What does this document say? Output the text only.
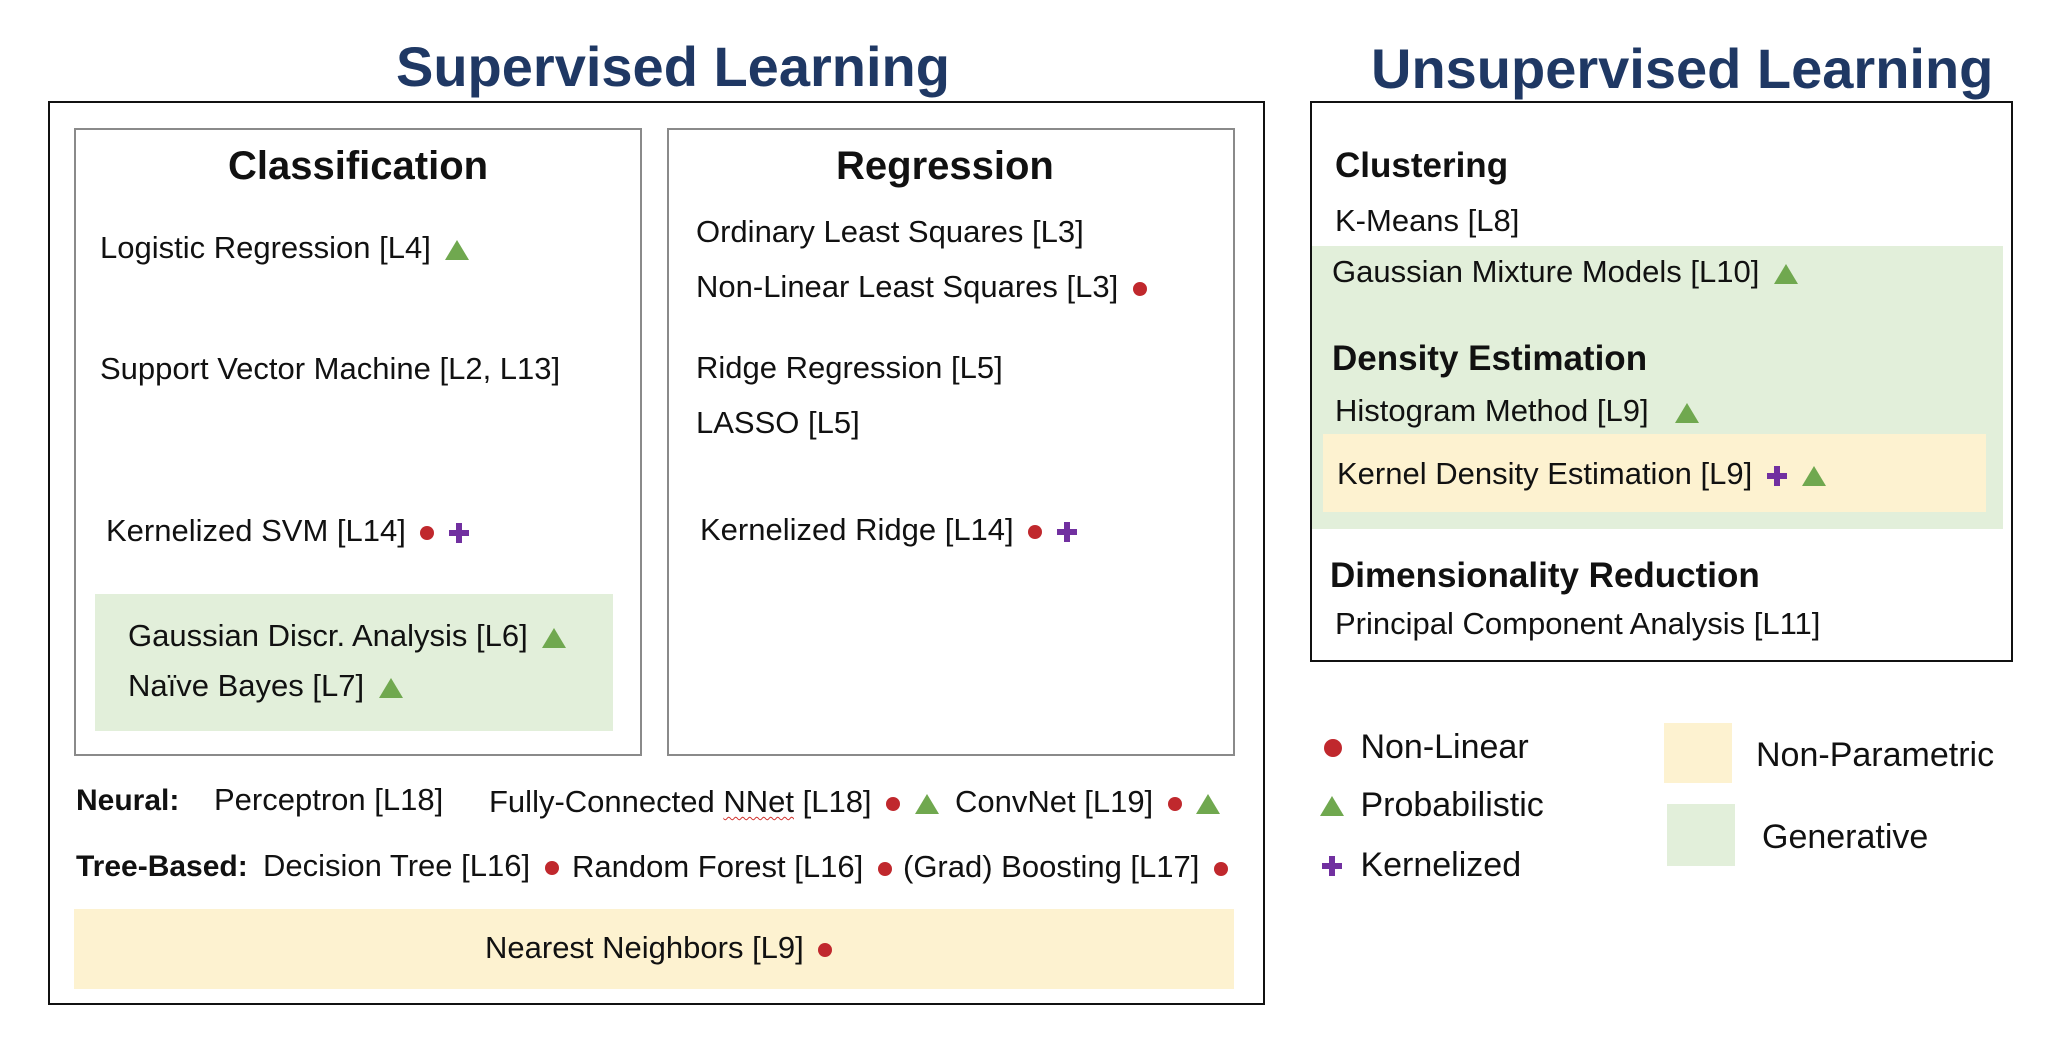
Supervised Learning
Classification
Logistic Regression [L4]
Support Vector Machine [L2, L13]
Kernelized SVM [L14]
Gaussian Discr. Analysis [L6]
Naïve Bayes [L7]
Regression
Ordinary Least Squares [L3]
Non-Linear Least Squares [L3]
Ridge Regression [L5]
LASSO [L5]
Kernelized Ridge [L14]
Neural: Perceptron [L18] Fully-Connected NNet [L18]	ConvNet [L19]
Tree-Based: Decision Tree [L16]	Random Forest [L16]	(Grad) Boosting [L17]
Nearest Neighbors [L9]
Unsupervised Learning
Clustering
K-Means [L8]
Gaussian Mixture Models [L10]
Density Estimation
Histogram Method [L9]
Kernel Density Estimation [L9]
Dimensionality Reduction
Principal Component Analysis [L11]
Non-Linear
Probabilistic
Kernelized
Non-Parametric
Generative
